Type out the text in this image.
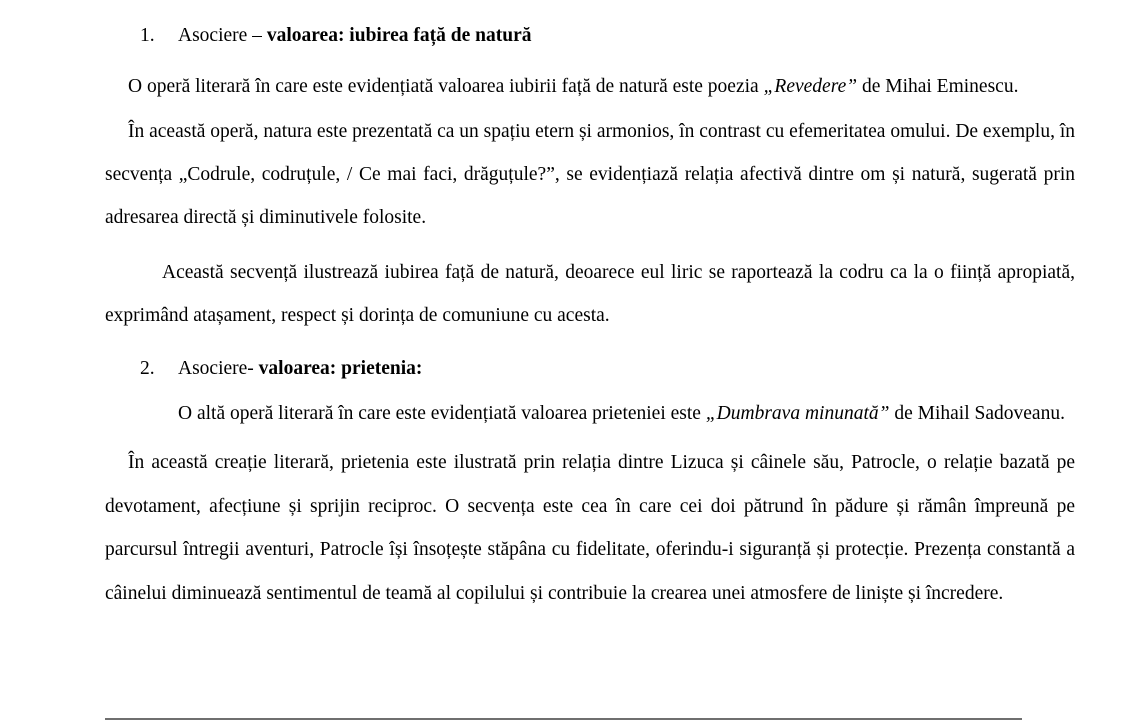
1.	Asociere – valoarea: iubirea față de natură

O operă literară în care este evidențiată valoarea iubirii față de natură este poezia „Revedere” de Mihai Eminescu.

În această operă, natura este prezentată ca un spațiu etern și armonios, în contrast cu efemeritatea omului. De exemplu, în secvența „Codrule, codruțule, / Ce mai faci, drăguțule?”, se evidențiază relația afectivă dintre om și natură, sugerată prin adresarea directă și diminutivele folosite.

Această secvență ilustrează iubirea față de natură, deoarece eul liric se raportează la codru ca la o ființă apropiată, exprimând atașament, respect și dorința de comuniune cu acesta.

2.	Asociere- valoarea: prietenia:

O altă operă literară în care este evidențiată valoarea prieteniei este „Dumbrava minunată” de Mihail Sadoveanu.

În această creație literară, prietenia este ilustrată prin relația dintre Lizuca și câinele său, Patrocle, o relație bazată pe devotament, afecțiune și sprijin reciproc. O secvența este cea în care cei doi pătrund în pădure și rămân împreună pe parcursul întregii aventuri, Patrocle își însoțește stăpâna cu fidelitate, oferindu-i siguranță și protecție. Prezența constantă a câinelui diminuează sentimentul de teamă al copilului și contribuie la crearea unei atmosfere de liniște și încredere.
